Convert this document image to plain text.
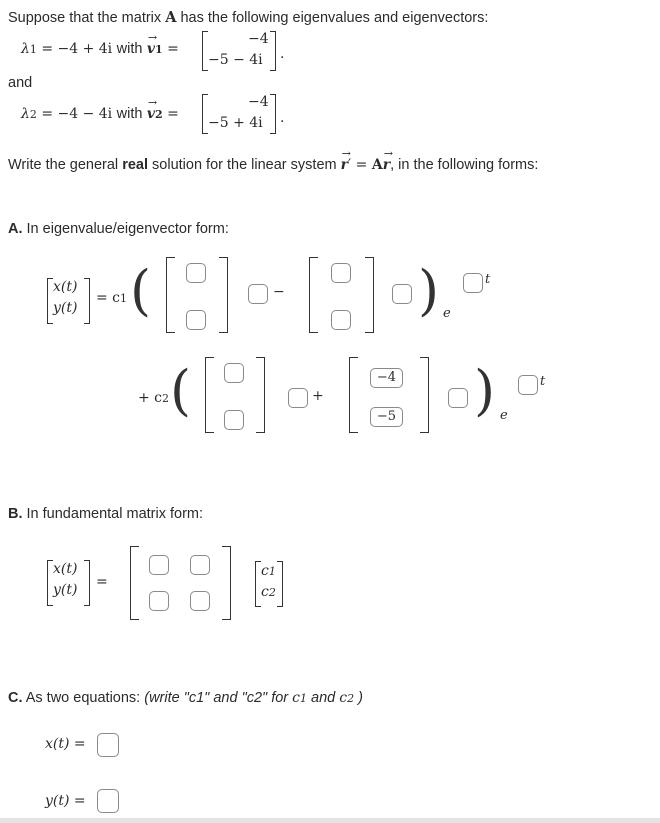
Suppose that the matrix A has the following eigenvalues and eigenvectors:
λ1 = −4 + 4i with → v1 =
−4
−5 − 4i .
and
λ2 = −4 − 4i with → v2 =
−4
−5 + 4i .
Write the general real solution for the linear system → r′ = A→ r, in the following forms:
A. In eigenvalue/eigenvector form:
x(t)
y(t)
= c1 (	− ) e
t
+ c2 (	+
−4
−5 ) e
t
B. In fundamental matrix form:
x(t)
y(t) =
c1
c2
C. As two equations: (write "c1" and "c2" for c1 and c2 )
x(t) =
y(t) =
